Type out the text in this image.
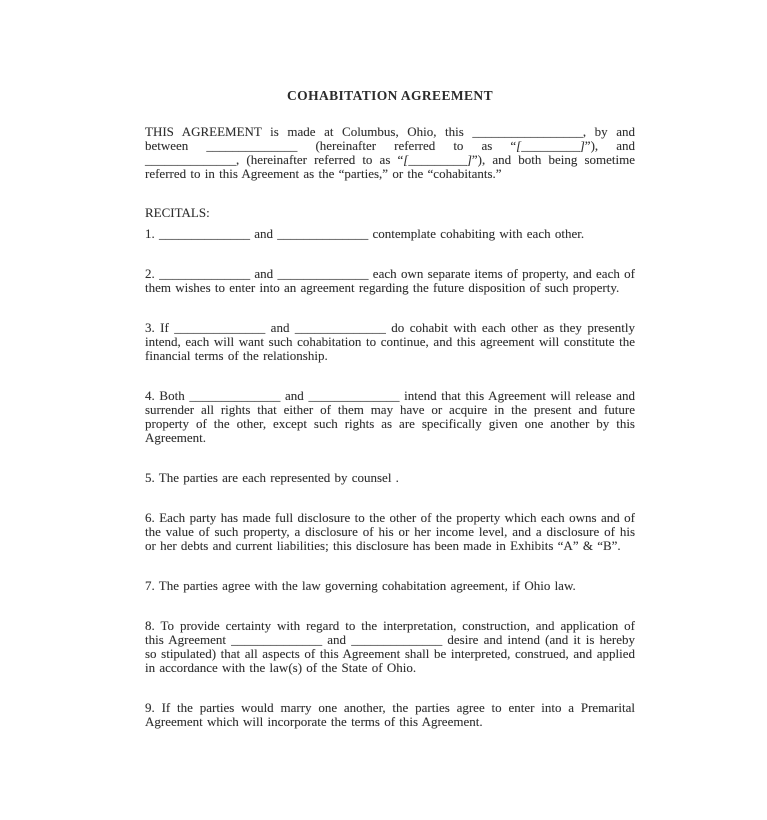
COHABITATION AGREEMENT

THIS AGREEMENT is made at Columbus, Ohio, this _________________, by and between ______________ (hereinafter referred to as “[_________]”), and ______________, (hereinafter referred to as “[_________]”), and both being sometime referred to in this Agreement as the “parties,” or the “cohabitants.”

RECITALS:

1. ______________ and ______________ contemplate cohabiting with each other.

2. ______________ and ______________ each own separate items of property, and each of them wishes to enter into an agreement regarding the future disposition of such property.

3. If ______________ and ______________ do cohabit with each other as they presently intend, each will want such cohabitation to continue, and this agreement will constitute the financial terms of the relationship.

4. Both ______________ and ______________ intend that this Agreement will release and surrender all rights that either of them may have or acquire in the present and future property of the other, except such rights as are specifically given one another by this Agreement.

5. The parties are each represented by counsel .

6. Each party has made full disclosure to the other of the property which each owns and of the value of such property, a disclosure of his or her income level, and a disclosure of his or her debts and current liabilities; this disclosure has been made in Exhibits “A” & “B”.

7. The parties agree with the law governing cohabitation agreement, if Ohio law.

8. To provide certainty with regard to the interpretation, construction, and application of this Agreement ______________ and ______________ desire and intend (and it is hereby so stipulated) that all aspects of this Agreement shall be interpreted, construed, and applied in accordance with the law(s) of the State of Ohio.

9. If the parties would marry one another, the parties agree to enter into a Premarital Agreement which will incorporate the terms of this Agreement.
